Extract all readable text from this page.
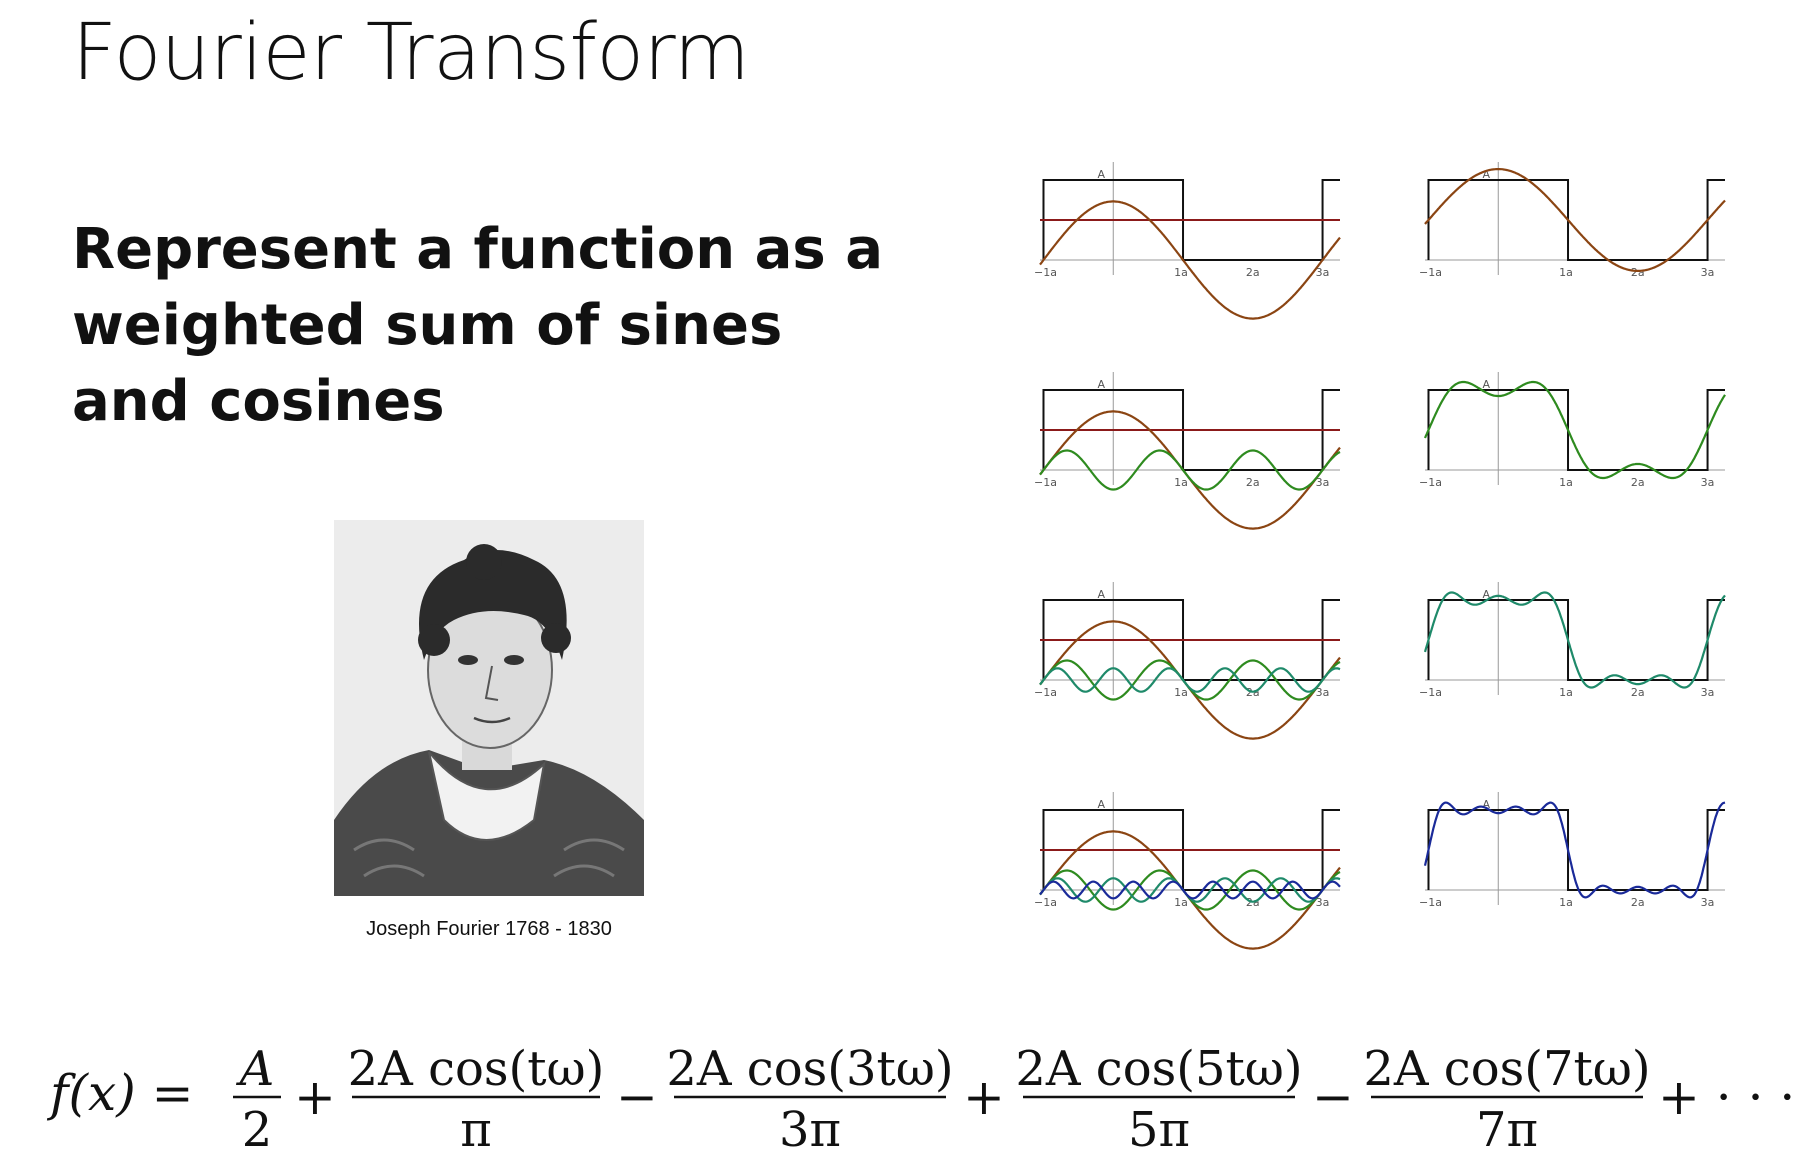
Fourier Transform
Represent a function as a weighted sum of sines and cosines
Joseph Fourier 1768 - 1830
−1a	1a	2a	3a
A
−1a	1a	2a	3a
A
−1a	1a	2a	3a
A
−1a	1a	2a	3a
A
−1a	1a	2a	3a
A
−1a	1a	2a	3a
A
−1a	1a	2a	3a
A
−1a	1a	2a	3a
A
f(x) = A
2
+ 2A cos(tω)
π
− 2A cos(3tω)
3π
+ 2A cos(5tω)
5π
− 2A cos(7tω)
7π
+ · · ·
